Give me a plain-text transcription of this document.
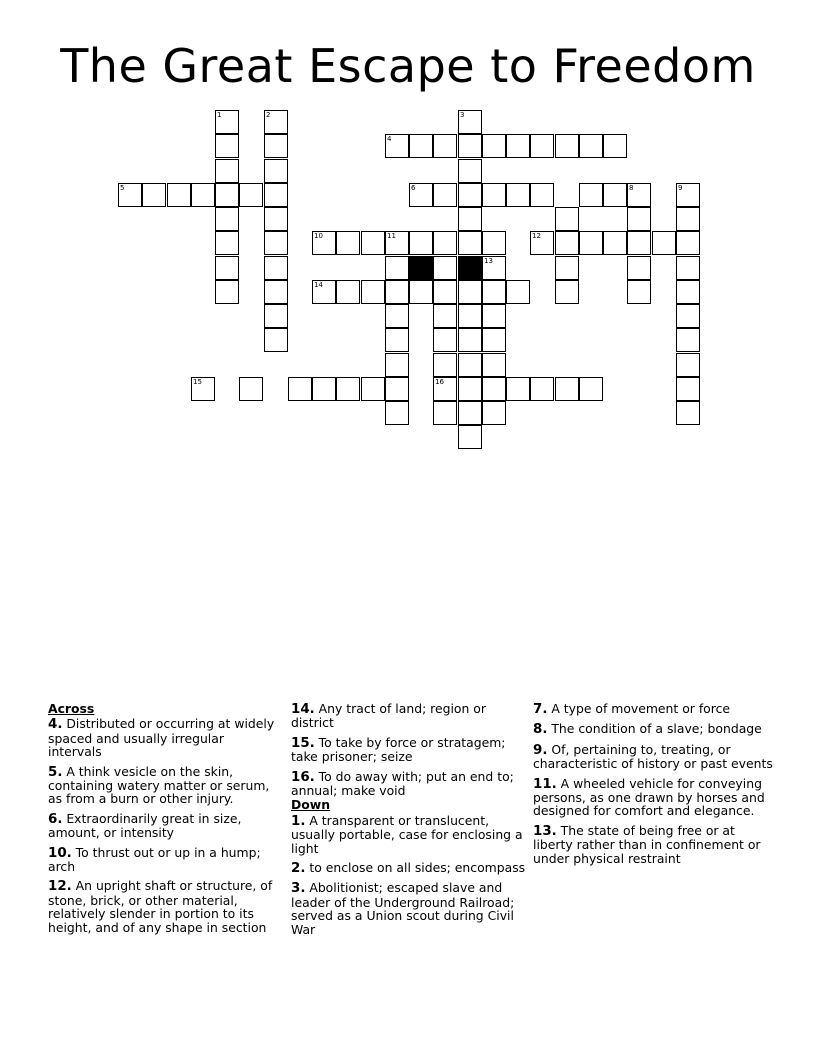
The Great Escape to Freedom
1	2	3
4
5	6	8	9
10	11	12
13
14
16
15
Across
4. Distributed or occurring at widely spaced and usually irregular intervals
5. A think vesicle on the skin, containing watery matter or serum, as from a burn or other injury.
6. Extraordinarily great in size, amount, or intensity
10. To thrust out or up in a hump; arch
12. An upright shaft or structure, of stone, brick, or other material, relatively slender in portion to its height, and of any shape in section
14. Any tract of land; region or district
15. To take by force or stratagem; take prisoner; seize
16. To do away with; put an end to; annual; make void
Down
1. A transparent or translucent, usually portable, case for enclosing a light
2. to enclose on all sides; encompass
3. Abolitionist; escaped slave and leader of the Underground Railroad; served as a Union scout during Civil War
7. A type of movement or force
8. The condition of a slave; bondage
9. Of, pertaining to, treating, or characteristic of history or past events
11. A wheeled vehicle for conveying persons, as one drawn by horses and designed for comfort and elegance.
13. The state of being free or at liberty rather than in confinement or under physical restraint
